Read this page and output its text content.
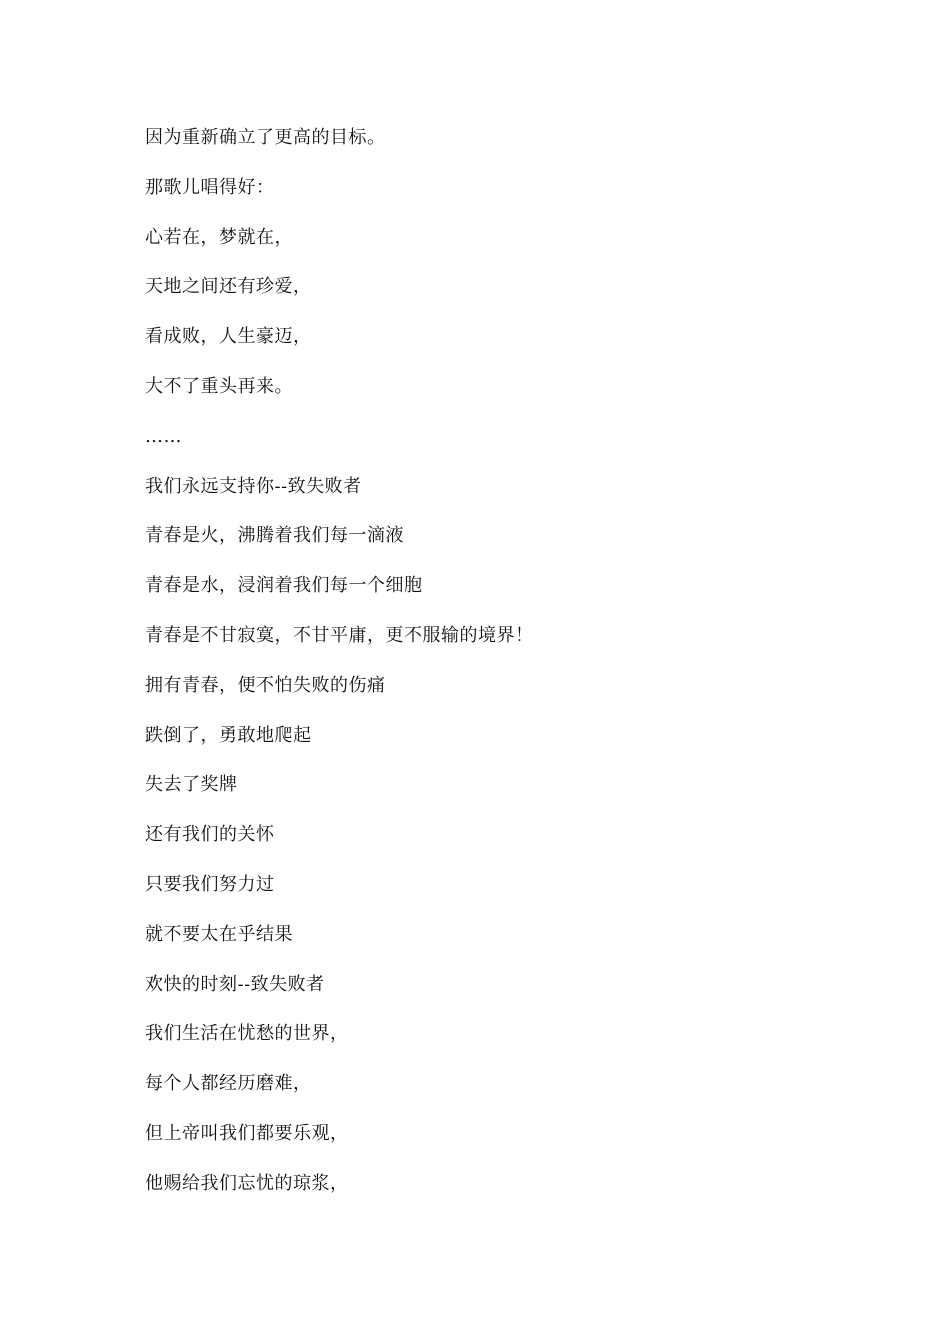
因为重新确立了更高的目标。
那歌儿唱得好：
心若在，梦就在，
天地之间还有珍爱，
看成败，人生豪迈，
大不了重头再来。
……
我们永远支持你--致失败者
青春是火，沸腾着我们每一滴液
青春是水，浸润着我们每一个细胞
青春是不甘寂寞，不甘平庸，更不服输的境界！
拥有青春，便不怕失败的伤痛
跌倒了，勇敢地爬起
失去了奖牌
还有我们的关怀
只要我们努力过
就不要太在乎结果
欢快的时刻--致失败者
我们生活在忧愁的世界，
每个人都经历磨难，
但上帝叫我们都要乐观，
他赐给我们忘忧的琼浆，
